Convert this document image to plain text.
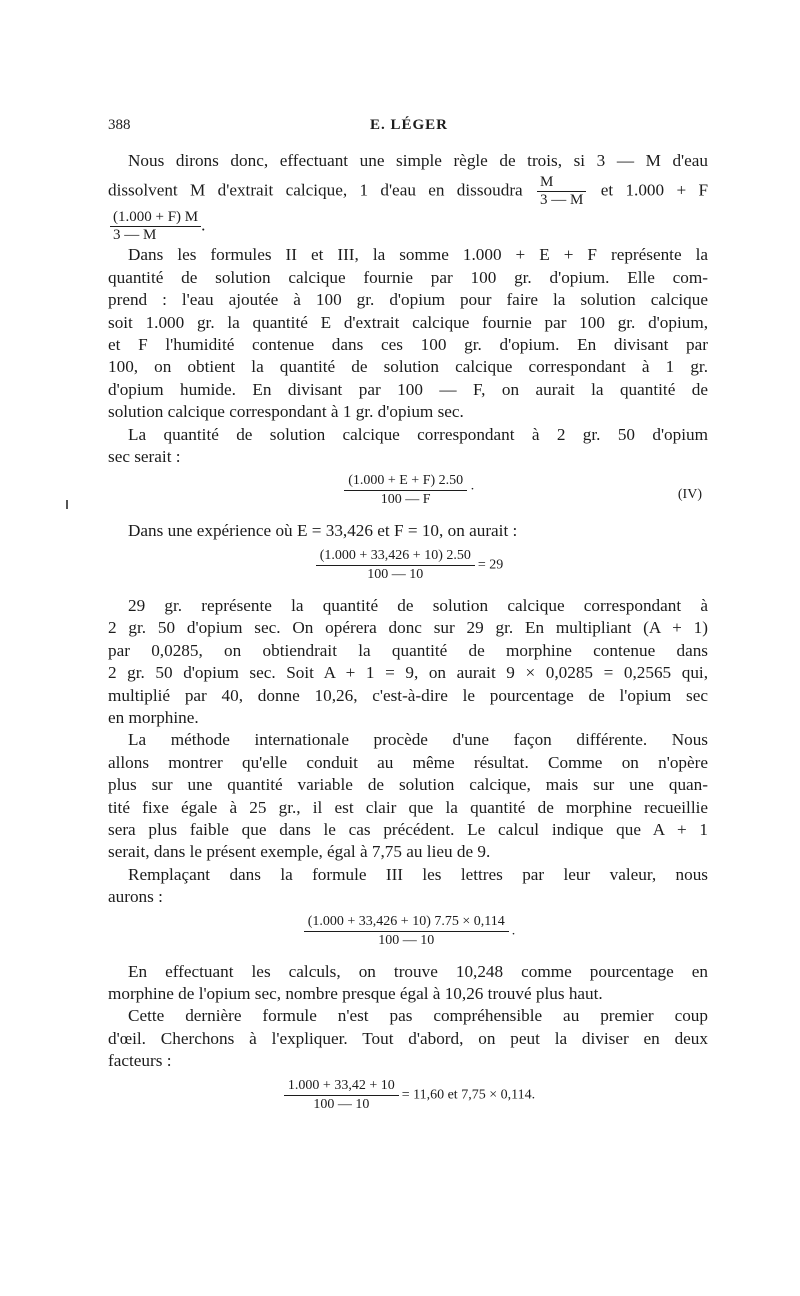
388	E. LÉGER
Nous dirons donc, effectuant une simple règle de trois, si 3 — M d'eau
dissolvent M d'extrait calcique, 1 d'eau en dissoudra $\frac{M}{3 — M}$ et 1.000 + F
$\frac{(1.000 + F) M}{3 — M}$ .
Dans les formules II et III, la somme 1.000 + E + F représente la
quantité de solution calcique fournie par 100 gr. d'opium. Elle com-
prend : l'eau ajoutée à 100 gr. d'opium pour faire la solution calcique
soit 1.000 gr. la quantité E d'extrait calcique fournie par 100 gr. d'opium,
et F l'humidité contenue dans ces 100 gr. d'opium. En divisant par
100, on obtient la quantité de solution calcique correspondant à 1 gr.
d'opium humide. En divisant par 100 — F, on aurait la quantité de
solution calcique correspondant à 1 gr. d'opium sec.
La quantité de solution calcique correspondant à 2 gr. 50 d'opium
sec serait :
$\frac{(1.000 + E + F) 2.50}{100 — F}$ ·	(IV)
Dans une expérience où E = 33,426 et F = 10, on aurait :
$\frac{(1.000 + 33,426 + 10) 2.50}{100 — 10} = 29$
29 gr. représente la quantité de solution calcique correspondant à
2 gr. 50 d'opium sec. On opérera donc sur 29 gr. En multipliant (A + 1)
par 0,0285, on obtiendrait la quantité de morphine contenue dans
2 gr. 50 d'opium sec. Soit A + 1 = 9, on aurait 9 × 0,0285 = 0,2565 qui,
multiplié par 40, donne 10,26, c'est-à-dire le pourcentage de l'opium sec
en morphine.
La méthode internationale procède d'une façon différente. Nous
allons montrer qu'elle conduit au même résultat. Comme on n'opère
plus sur une quantité variable de solution calcique, mais sur une quan-
tité fixe égale à 25 gr., il est clair que la quantité de morphine recueillie
sera plus faible que dans le cas précédent. Le calcul indique que A + 1
serait, dans le présent exemple, égal à 7,75 au lieu de 9.
Remplaçant dans la formule III les lettres par leur valeur, nous
aurons :
$\frac{(1.000 + 33,426 + 10) 7.75 \times 0,114}{100 — 10}$ .
En effectuant les calculs, on trouve 10,248 comme pourcentage en
morphine de l'opium sec, nombre presque égal à 10,26 trouvé plus haut.
Cette dernière formule n'est pas compréhensible au premier coup
d'œil. Cherchons à l'expliquer. Tout d'abord, on peut la diviser en deux
facteurs :
$\frac{1.000 + 33,42 + 10}{100 — 10} = 11,60$ et 7,75 × 0,114.
